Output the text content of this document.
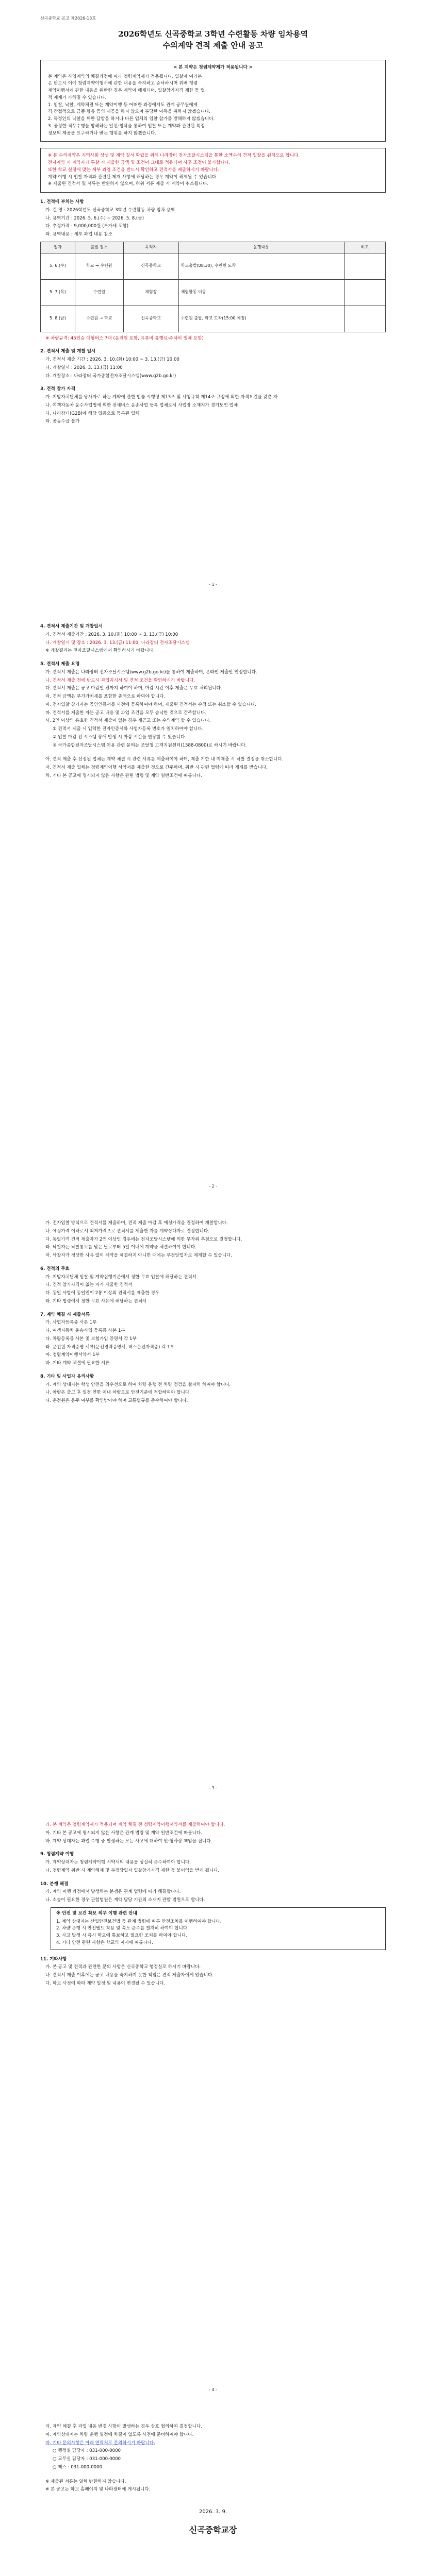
신곡중학교 공고 제2026-13호
2026학년도 신곡중학교 3학년 수련활동 차량 임차용역
수의계약 견적 제출 안내 공고
< 본 계약은 청렴계약제가 적용됩니다 >
본 계약은 사업계약의 체결과정에 따라 청렴계약제가 적용됩니다. 입찰자 여러분
은 반드시 이에 청렴계약이행서에 관한 내용을 숙지하고 승낙하시며 위배 청렴
계약이행서에 관한 내용을 위반한 경우 계약이 해제되며, 입찰참가자격 제한 등 법
적 제재가 가해질 수 있습니다.
1. 입찰, 낙찰, 계약체결 또는 계약이행 등 어떠한 과정에서도 관계 공무원에게
직·간접적으로 금품·향응 등의 제공을 하지 않으며 부당한 이득을 취하지 않겠습니다.
2. 특정인의 낙찰을 위한 담합을 하거나 다른 업체의 입찰 참가를 방해하지 않겠습니다.
3. 공정한 직무수행을 방해하는 알선·청탁을 통하여 입찰 또는 계약과 관련된 특정
정보의 제공을 요구하거나 받는 행위를 하지 않겠습니다.
※ 본 수의계약은 지역사회 상생 및 계약 질서 확립을 위해 나라장터 전자조달시스템을 통한 소액수의 견적 입찰을 원칙으로 합니다.
전자계약 시 계약자가 투찰 시 제출한 금액 및 조건이 그대로 적용되며 사후 조정이 불가합니다.
또한 학교 실정에 맞는 세부 과업 조건을 반드시 확인하고 견적서를 제출하시기 바랍니다.
계약 이행 시 입찰 자격과 관련된 제재 사항에 해당하는 경우 계약이 해제될 수 있습니다.
※ 제출된 견적서 및 서류는 반환하지 않으며, 허위 서류 제출 시 계약이 취소됩니다.
1. 견적에 부치는 사항
가. 건 명 : 2026학년도 신곡중학교 3학년 수련활동 차량 임차 용역
나. 용역기간 : 2026. 5. 6.(수) ~ 2026. 5. 8.(금)
다. 추정가격 : 9,000,000원 (부가세 포함)
라. 용역내용 : 세부 과업 내용 참조
일자	출발 장소	목적지	운행내용	비고
5. 6.(수)	학교 → 수련원	신곡중학교	학교출발(08:30), 수련원 도착	
5. 7.(목)	수련원	체험장	체험활동 이동	
5. 8.(금)	수련원 → 학교	신곡중학교	수련원 출발, 학교 도착(15:00 예정)	
※ 차량규격: 45인승 대형버스 7대 (운전원 포함, 유류비·통행료·주차비 일체 포함)
2. 견적서 제출 및 개찰 일시
가. 견적서 제출 기간 : 2026. 3. 10.(화) 10:00 ~ 3. 13.(금) 10:00
나. 개찰일시 : 2026. 3. 13.(금) 11:00
다. 개찰장소 : 나라장터 국가종합전자조달시스템(www.g2b.go.kr)
3. 견적 참가 자격
가. 지방자치단체를 당사자로 하는 계약에 관한 법률 시행령 제13조 및 시행규칙 제14조 규정에 의한 자격요건을 갖춘 자
나. 여객자동차 운수사업법에 의한 전세버스 운송사업 등록 업체로서 사업장 소재지가 경기도인 업체
다. 나라장터(G2B)에 해당 업종으로 등록된 업체
라. 공동수급 불가
- 1 -
4. 견적서 제출기간 및 개찰일시
가. 견적서 제출기간 : 2026. 3. 10.(화) 10:00 ~ 3. 13.(금) 10:00
나. 개찰일시 및 장소 : 2026. 3. 13.(금) 11:00, 나라장터 전자조달시스템
※ 개찰결과는 전자조달시스템에서 확인하시기 바랍니다.
5. 견적서 제출 요령
가. 견적서 제출은 나라장터 전자조달시스템(www.g2b.go.kr)을 통하여 제출하며, 온라인 제출만 인정합니다.
나. 견적서 제출 전에 반드시 과업지시서 및 견적 조건을 확인하시기 바랍니다.
다. 견적서 제출은 공고 마감일 전까지 하여야 하며, 마감 시간 이후 제출은 무효 처리됩니다.
라. 견적 금액은 부가가치세를 포함한 총액으로 하여야 합니다.
마. 전자입찰 참가자는 공인인증서를 사전에 등록하여야 하며, 제출된 견적서는 수정 또는 취소할 수 없습니다.
바. 견적서를 제출한 자는 공고 내용 및 과업 조건을 모두 승낙한 것으로 간주합니다.
사. 2인 이상의 유효한 견적서 제출이 없는 경우 재공고 또는 수의계약 할 수 있습니다.
① 견적서 제출 시 입력한 전자인증서와 사업자등록 번호가 일치하여야 합니다.
② 입찰 마감 전 시스템 장애 발생 시 마감 시간을 연장할 수 있습니다.
③ 국가종합전자조달시스템 이용 관련 문의는 조달청 고객지원센터(1588-0800)로 하시기 바랍니다.
아. 견적 제출 후 선정된 업체는 계약 체결 시 관련 서류를 제출하여야 하며, 제출 기한 내 미제출 시 낙찰 결정을 취소합니다.
자. 견적서 제출 업체는 청렴계약이행 서약서를 제출한 것으로 간주하며, 위반 시 관련 법령에 따라 제재를 받습니다.
차. 기타 본 공고에 명시되지 않은 사항은 관련 법령 및 계약 일반조건에 따릅니다.
- 2 -
가. 전자입찰 방식으로 견적서를 제출하며, 견적 제출 마감 후 예정가격을 결정하여 개찰합니다.
나. 예정가격 이하로서 최저가격으로 견적서를 제출한 자를 계약상대자로 결정합니다.
다. 동일가격 견적 제출자가 2인 이상인 경우에는 전자조달시스템에 의한 무작위 추첨으로 결정합니다.
라. 낙찰자는 낙찰통보를 받은 날로부터 5일 이내에 계약을 체결하여야 합니다.
마. 낙찰자가 정당한 사유 없이 계약을 체결하지 아니한 때에는 부정당업자로 제재할 수 있습니다.
6. 견적의 무효
가. 지방자치단체 입찰 및 계약집행기준에서 정한 무효 입찰에 해당하는 견적서
나. 견적 참가자격이 없는 자가 제출한 견적서
다. 동일 사항에 동일인이 2통 이상의 견적서를 제출한 경우
라. 기타 법령에서 정한 무효 사유에 해당하는 견적서
7. 계약 체결 시 제출서류
가. 사업자등록증 사본 1부
나. 여객자동차 운송사업 등록증 사본 1부
다. 차량등록증 사본 및 보험가입 증명서 각 1부
라. 운전원 자격증명 서류(운전경력증명서, 버스운전자격증) 각 1부
마. 청렴계약이행서약서 1부
바. 기타 계약 체결에 필요한 서류
8. 기타 및 사업자 유의사항
가. 계약 상대자는 학생 안전을 최우선으로 하여 차량 운행 전 차량 점검을 철저히 하여야 합니다.
나. 차량은 출고 후 일정 연한 이내 차량으로 안전기준에 적합하여야 합니다.
다. 운전원은 음주 여부를 확인받아야 하며 교통법규를 준수하여야 합니다.
- 3 -
라. 본 계약은 청렴계약제가 적용되며 계약 체결 전 청렴계약이행서약서를 제출하여야 합니다.
마. 기타 본 공고에 명시되지 않은 사항은 관계 법령 및 계약 일반조건에 따릅니다.
바. 계약 상대자는 과업 수행 중 발생하는 모든 사고에 대하여 민·형사상 책임을 집니다.
9. 청렴계약 이행
가. 계약상대자는 청렴계약이행 서약서의 내용을 성실히 준수하여야 합니다.
나. 청렴계약 위반 시 계약해제 및 부정당업자 입찰참가자격 제한 등 불이익을 받게 됩니다.
10. 분쟁 해결
가. 계약 이행 과정에서 발생하는 분쟁은 관계 법령에 따라 해결합니다.
나. 소송이 필요한 경우 관할법원은 계약 담당 기관의 소재지 관할 법원으로 합니다.
※ 안전 및 보건 확보 의무 이행 관련 안내
1. 계약 상대자는 산업안전보건법 등 관계 법령에 따른 안전조치를 이행하여야 합니다.
2. 차량 운행 시 안전벨트 착용 및 속도 준수를 철저히 하여야 합니다.
3. 사고 발생 시 즉시 학교에 통보하고 필요한 조치를 하여야 합니다.
4. 기타 안전 관련 사항은 학교의 지시에 따릅니다.
11. 기타사항
가. 본 공고 및 견적과 관련한 문의 사항은 신곡중학교 행정실로 하시기 바랍니다.
나. 견적서 제출 이후에는 공고 내용을 숙지하지 못한 책임은 견적 제출자에게 있습니다.
다. 학교 사정에 따라 계약 일정 및 내용이 변경될 수 있습니다.
- 4 -
라. 계약 체결 후 과업 내용 변경 사항이 발생하는 경우 상호 협의하여 결정합니다.
마. 계약상대자는 차량 운행 일정에 차질이 없도록 사전에 준비하여야 합니다.
바. 기타 문의사항은 아래 연락처로 문의하시기 바랍니다.
○ 행정실 담당자 : 031-000-0000
○ 교무실 담당자 : 031-000-0000
○ 팩스 : 031-000-0000
※ 제출된 서류는 일체 반환하지 않습니다.
※ 본 공고는 학교 홈페이지 및 나라장터에 게시됩니다.
2026. 3. 9.
신곡중학교장
